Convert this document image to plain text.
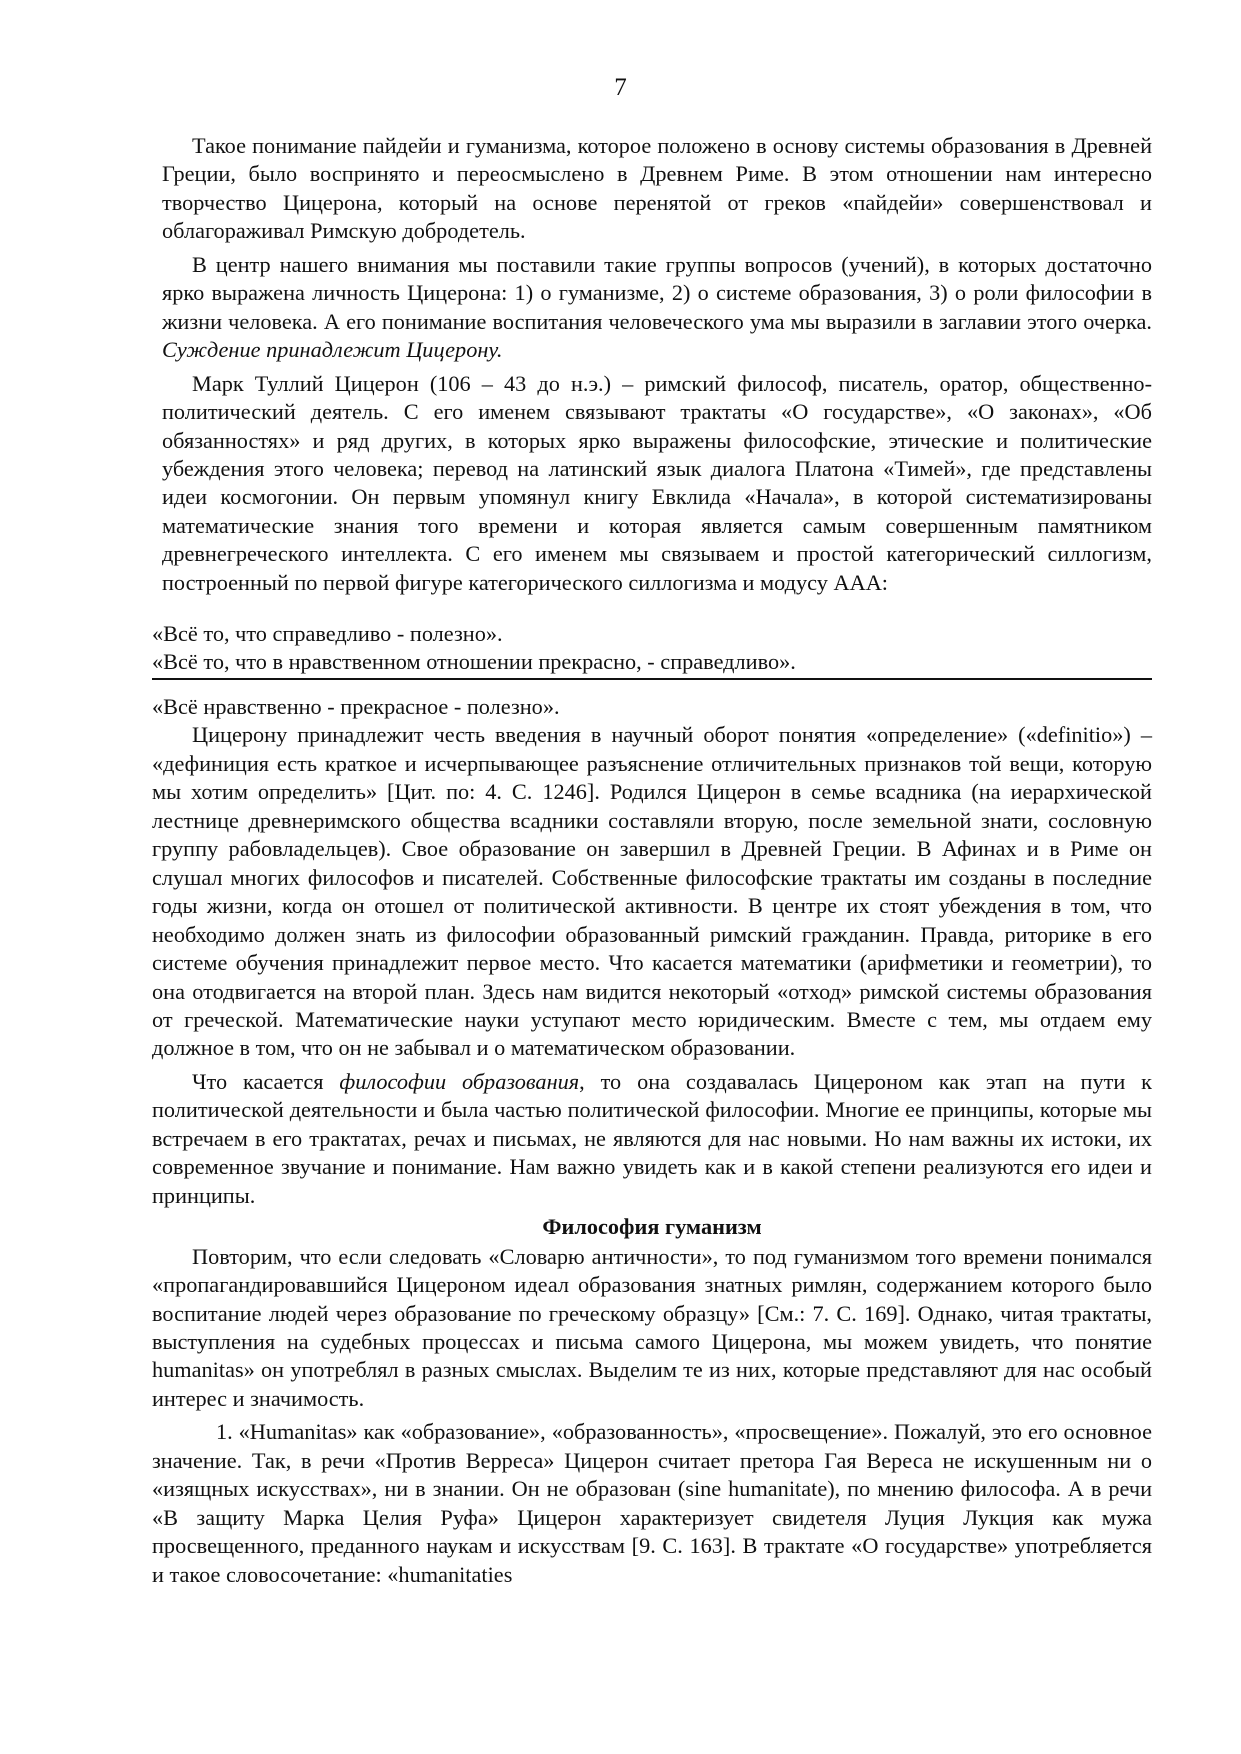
7

Такое понимание пайдейи и гуманизма, которое положено в основу системы образования в Древней Греции, было воспринято и переосмыслено в Древнем Риме. В этом отношении нам интересно творчество Цицерона, который на основе перенятой от греков «пайдейи» совершенствовал и облагораживал Римскую добродетель.

В центр нашего внимания мы поставили такие группы вопросов (учений), в которых достаточно ярко выражена личность Цицерона: 1) о гуманизме, 2) о системе образования, 3) о роли философии в жизни человека. А его понимание воспитания человеческого ума мы выразили в заглавии этого очерка. Суждение принадлежит Цицерону.

Марк Туллий Цицерон (106 – 43 до н.э.) – римский философ, писатель, оратор, общественно-политический деятель. С его именем связывают трактаты «О государстве», «О законах», «Об обязанностях» и ряд других, в которых ярко выражены философские, этические и политические убеждения этого человека; перевод на латинский язык диалога Платона «Тимей», где представлены идеи космогонии. Он первым упомянул книгу Евклида «Начала», в которой систематизированы математические знания того времени и которая является самым совершенным памятником древнегреческого интеллекта. С его именем мы связываем и простой категорический силлогизм, построенный по первой фигуре категорического силлогизма и модусу ААА:

«Всё то, что справедливо - полезно».
«Всё то, что в нравственном отношении прекрасно, - справедливо».

«Всё нравственно - прекрасное - полезно».

Цицерону принадлежит честь введения в научный оборот понятия «определение» («definitio») – «дефиниция есть краткое и исчерпывающее разъяснение отличительных признаков той вещи, которую мы хотим определить» [Цит. по: 4. С. 1246]. Родился Цицерон в семье всадника (на иерархической лестнице древнеримского общества всадники составляли вторую, после земельной знати, сословную группу рабовладельцев). Свое образование он завершил в Древней Греции. В Афинах и в Риме он слушал многих философов и писателей. Собственные философские трактаты им созданы в последние годы жизни, когда он отошел от политической активности. В центре их стоят убеждения в том, что необходимо должен знать из философии образованный римский гражданин. Правда, риторике в его системе обучения принадлежит первое место. Что касается математики (арифметики и геометрии), то она отодвигается на второй план. Здесь нам видится некоторый «отход» римской системы образования от греческой. Математические науки уступают место юридическим. Вместе с тем, мы отдаем ему должное в том, что он не забывал и о математическом образовании.

Что касается философии образования, то она создавалась Цицероном как этап на пути к политической деятельности и была частью политической философии. Многие ее принципы, которые мы встречаем в его трактатах, речах и письмах, не являются для нас новыми. Но нам важны их истоки, их современное звучание и понимание. Нам важно увидеть как и в какой степени реализуются его идеи и принципы.

Философия гуманизм

Повторим, что если следовать «Словарю античности», то под гуманизмом того времени понимался «пропагандировавшийся Цицероном идеал образования знатных римлян, содержанием которого было воспитание людей через образование по греческому образцу» [См.: 7. С. 169]. Однако, читая трактаты, выступления на судебных процессах и письма самого Цицерона, мы можем увидеть, что понятие humanitas» он употреблял в разных смыслах. Выделим те из них, которые представляют для нас особый интерес и значимость.

1. «Humanitas» как «образование», «образованность», «просвещение». Пожалуй, это его основное значение. Так, в речи «Против Верреса» Цицерон считает претора Гая Вереса не искушенным ни о «изящных искусствах», ни в знании. Он не образован (sine humanitate), по мнению философа. А в речи «В защиту Марка Целия Руфа» Цицерон характеризует свидетеля Луция Лукция как мужа просвещенного, преданного наукам и искусствам [9. С. 163]. В трактате «О государстве» употребляется и такое словосочетание: «humanitaties
